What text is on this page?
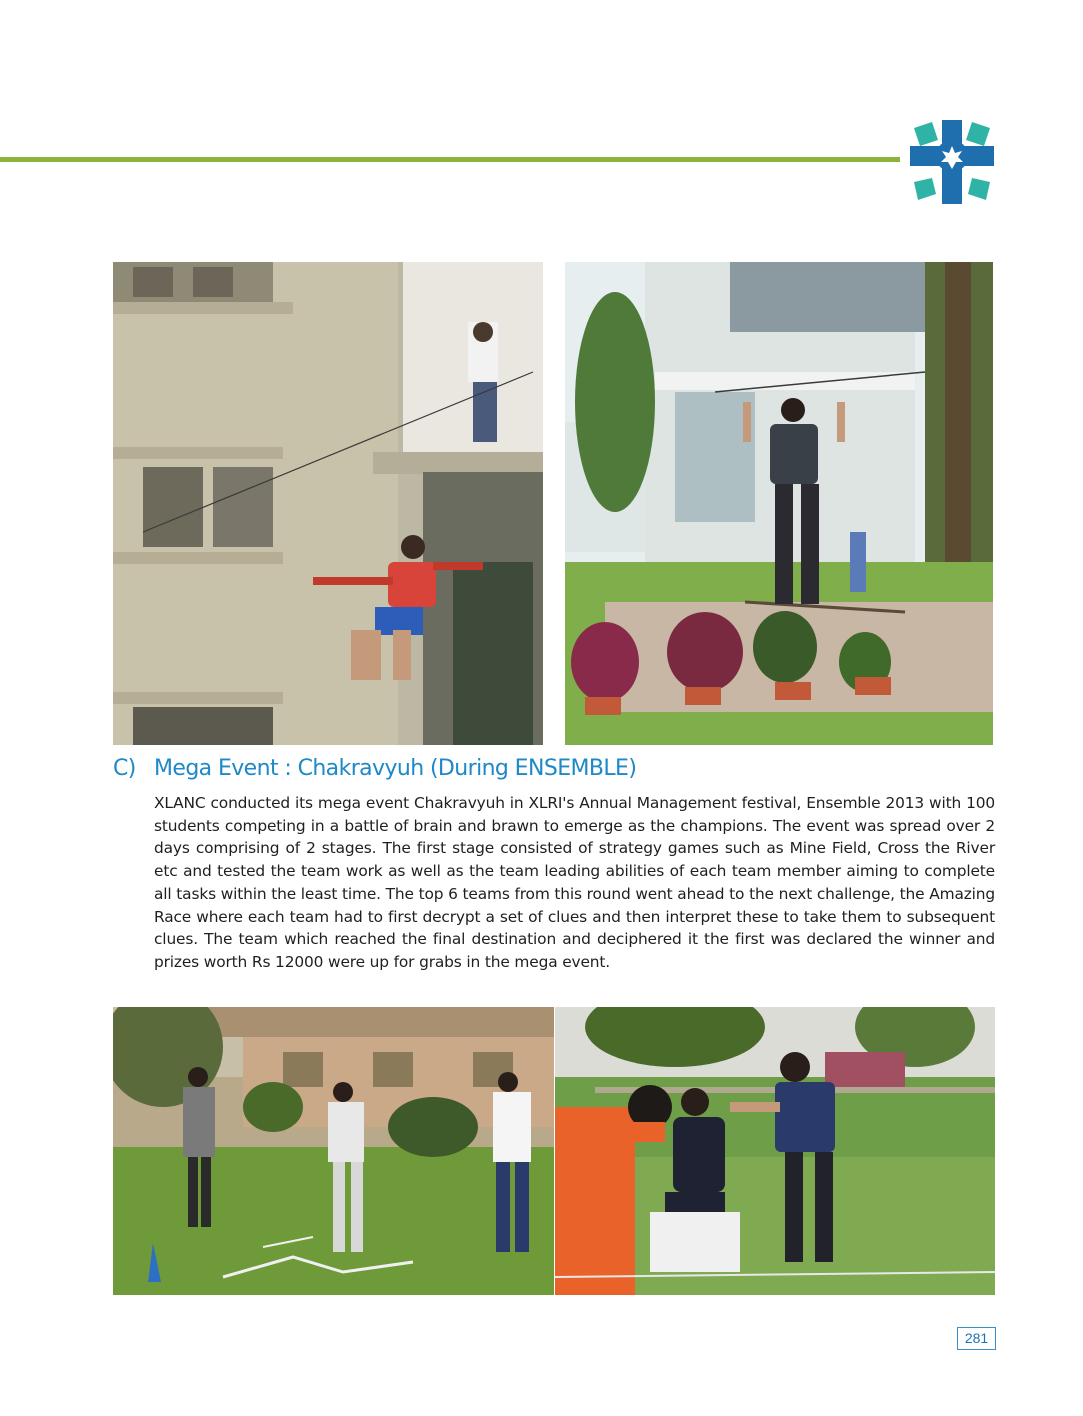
C) Mega Event : Chakravyuh (During ENSEMBLE)

XLANC conducted its mega event Chakravyuh in XLRI's Annual Management festival, Ensemble 2013 with 100 students competing in a battle of brain and brawn to emerge as the champions. The event was spread over 2 days comprising of 2 stages. The first stage consisted of strategy games such as Mine Field, Cross the River etc and tested the team work as well as the team leading abilities of each team member aiming to complete all tasks within the least time. The top 6 teams from this round went ahead to the next challenge, the Amazing Race where each team had to first decrypt a set of clues and then interpret these to take them to subsequent clues. The team which reached the final destination and deciphered it the first was declared the winner and prizes worth Rs 12000 were up for grabs in the mega event.

281
